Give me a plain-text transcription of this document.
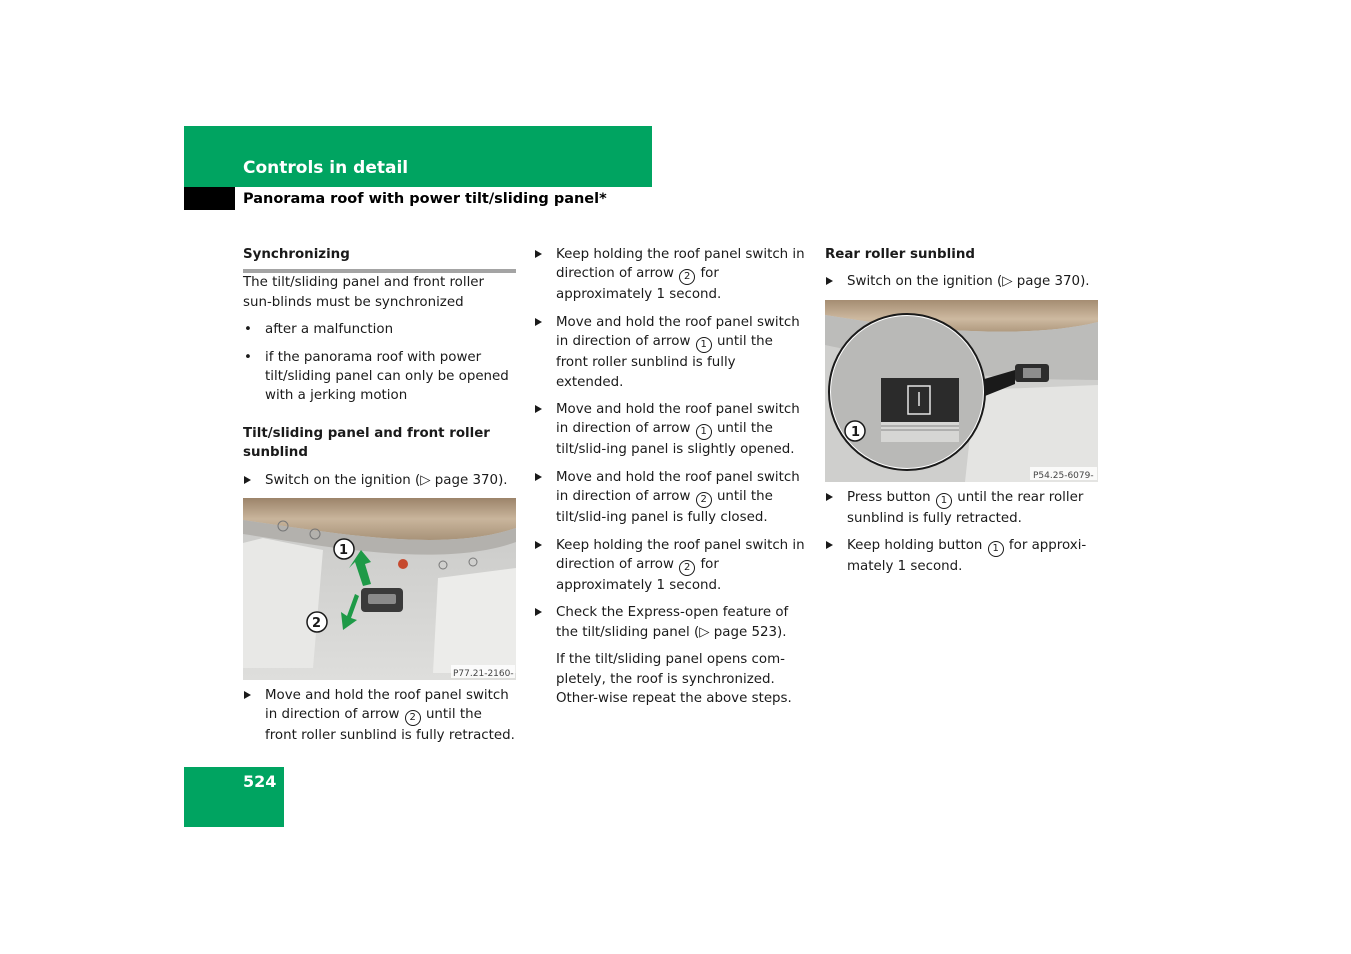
Controls in detail
Panorama roof with power tilt/sliding panel*

Synchronizing

The tilt/sliding panel and front roller sun-blinds must be synchronized

• after a malfunction

• if the panorama roof with power tilt/sliding panel can only be opened with a jerking motion

Tilt/sliding panel and front roller sunblind

Switch on the ignition (▷ page 370).

1
2
P77.21-2160-

Move and hold the roof panel switch in direction of arrow 2 until the front roller sunblind is fully retracted.

Keep holding the roof panel switch in direction of arrow 2 for approximately 1 second.

Move and hold the roof panel switch in direction of arrow 1 until the front roller sunblind is fully extended.

Move and hold the roof panel switch in direction of arrow 1 until the tilt/slid-ing panel is slightly opened.

Move and hold the roof panel switch in direction of arrow 2 until the tilt/slid-ing panel is fully closed.

Keep holding the roof panel switch in direction of arrow 2 for approximately 1 second.

Check the Express-open feature of the tilt/sliding panel (▷ page 523).

If the tilt/sliding panel opens com-pletely, the roof is synchronized. Other-wise repeat the above steps.

Rear roller sunblind

Switch on the ignition (▷ page 370).

1
P54.25-6079-

Press button 1 until the rear roller sunblind is fully retracted.

Keep holding button 1 for approxi-mately 1 second.

524
